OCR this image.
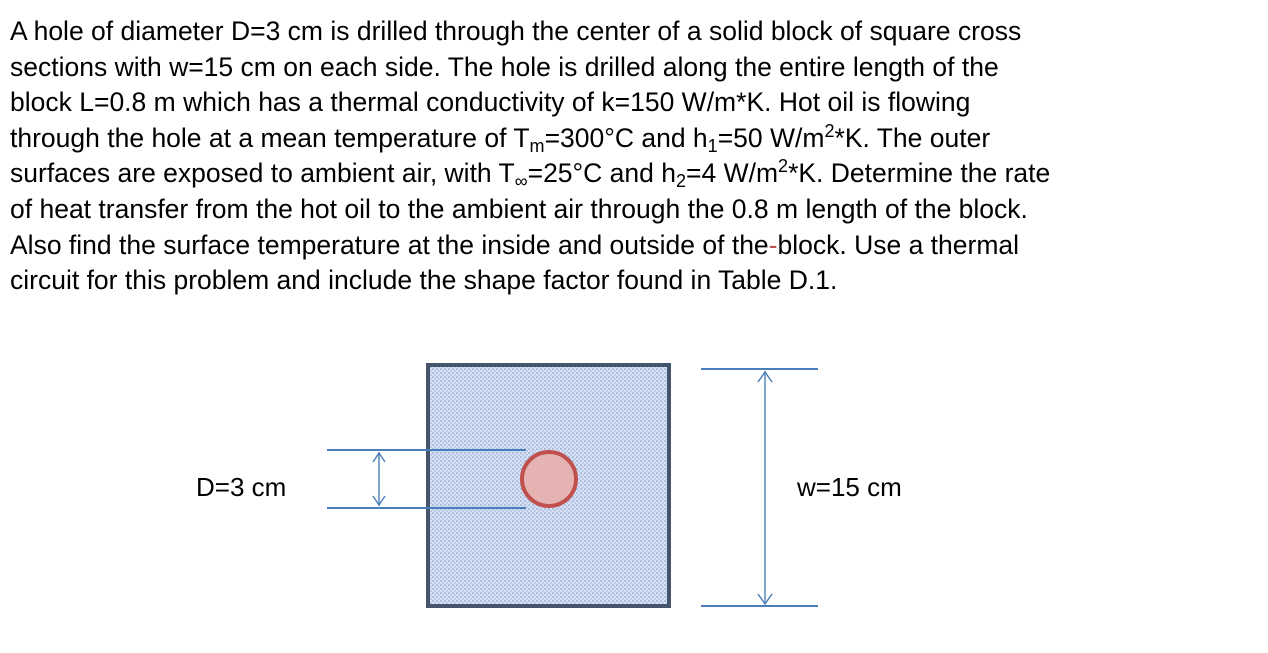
A hole of diameter D=3 cm is drilled through the center of a solid block of square cross
sections with w=15 cm on each side. The hole is drilled along the entire length of the
block L=0.8 m which has a thermal conductivity of k=150 W/m*K. Hot oil is flowing
through the hole at a mean temperature of $T_m=300^\circ C$ and $h_1=50$ $W/m^2*K$. The outer
surfaces are exposed to ambient air, with $T_\infty=25^\circ C$ and $h_2=4$ $W/m^2*K$. Determine the rate
of heat transfer from the hot oil to the ambient air through the 0.8 m length of the block.
Also find the surface temperature at the inside and outside of the-block. Use a thermal
circuit for this problem and include the shape factor found in Table D.1.
D=3 cm	w=15 cm
